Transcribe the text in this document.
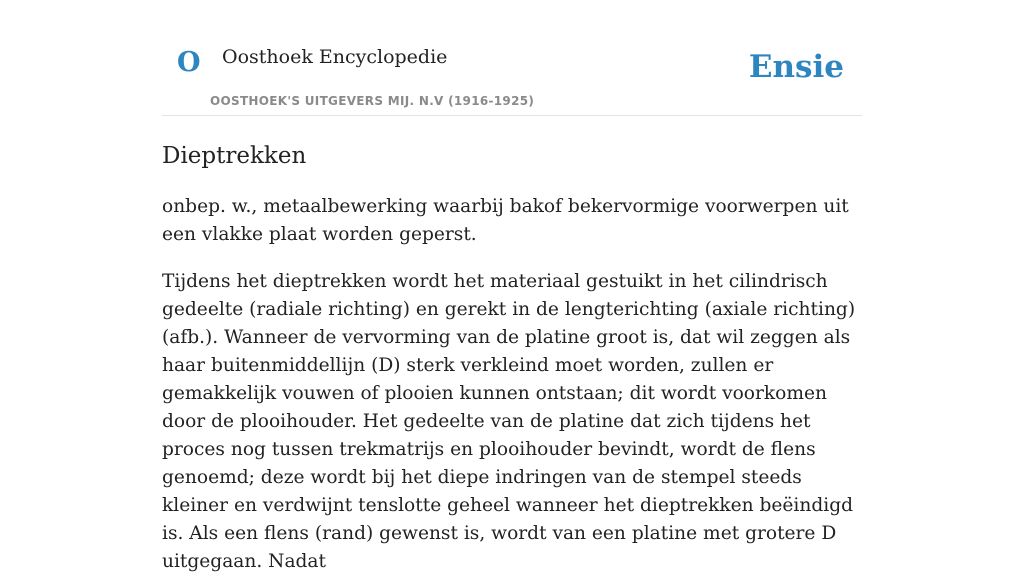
O Oosthoek Encyclopedie
OOSTHOEK'S UITGEVERS MIJ. N.V (1916-1925)
Ensie
Dieptrekken

onbep. w., metaalbewerking waarbij bakof bekervormige voorwerpen uit een vlakke plaat worden geperst.

Tijdens het dieptrekken wordt het materiaal gestuikt in het cilindrisch gedeelte (radiale richting) en gerekt in de lengterichting (axiale richting) (afb.). Wanneer de vervorming van de platine groot is, dat wil zeggen als haar buitenmiddellijn (D) sterk verkleind moet worden, zullen er gemakkelijk vouwen of plooien kunnen ontstaan; dit wordt voorkomen door de plooihouder. Het gedeelte van de platine dat zich tijdens het proces nog tussen trekmatrijs en plooihouder bevindt, wordt de flens genoemd; deze wordt bij het diepe indringen van de stempel steeds kleiner en verdwijnt tenslotte geheel wanneer het dieptrekken beëindigd is. Als een flens (rand) gewenst is, wordt van een platine met grotere D uitgegaan. Nadat
